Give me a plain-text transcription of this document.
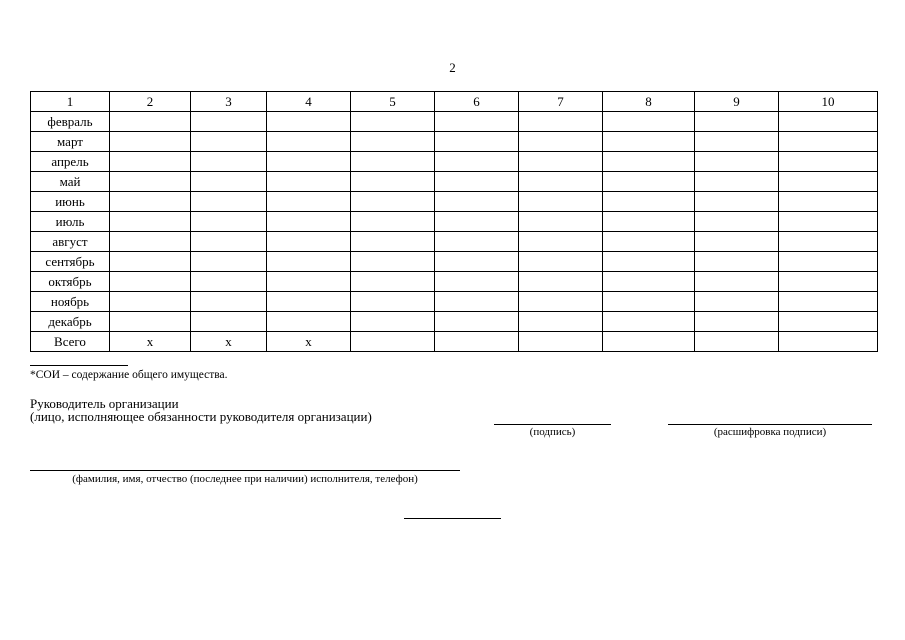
2
1	2	3	4	5	6	7	8	9	10
февраль									
март									
апрель									
май									
июнь									
июль									
август									
сентябрь									
октябрь									
ноябрь									
декабрь									
Всего	х	х	х						
*СОИ – содержание общего имущества.
Руководитель организации
(лицо, исполняющее обязанности руководителя организации)
(подпись)	(расшифровка подписи)
(фамилия, имя, отчество (последнее при наличии) исполнителя, телефон)
